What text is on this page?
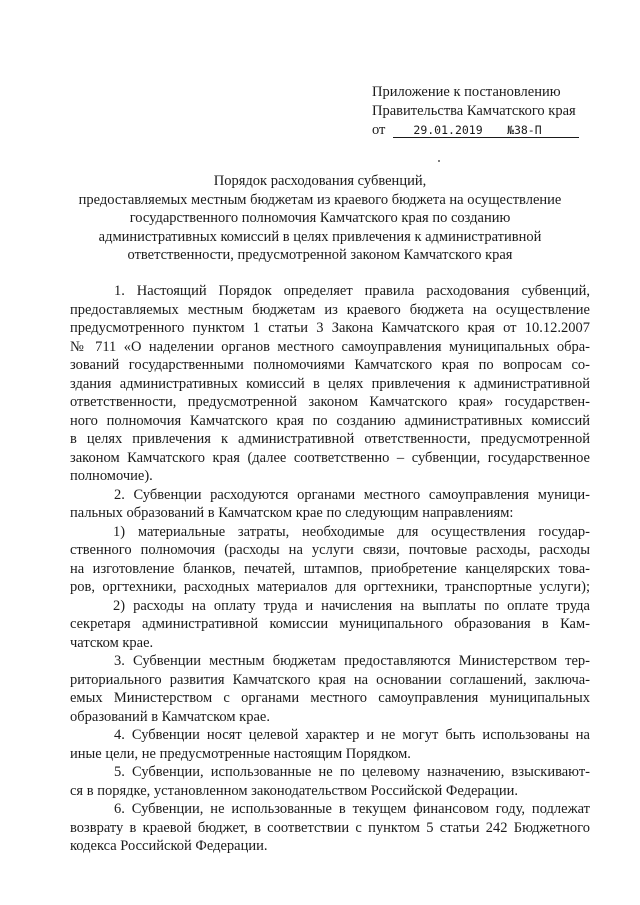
Приложение к постановлению
Правительства Камчатского края
от 29.01.2019 №38-П
Порядок расходования субвенций,
предоставляемых местным бюджетам из краевого бюджета на осуществление
государственного полномочия Камчатского края по созданию
административных комиссий в целях привлечения к административной
ответственности, предусмотренной законом Камчатского края
1. Настоящий Порядок определяет правила расходования субвенций,
предоставляемых местным бюджетам из краевого бюджета на осуществление
предусмотренного пунктом 1 статьи 3 Закона Камчатского края от 10.12.2007
№ 711 «О наделении органов местного самоуправления муниципальных обра-
зований государственными полномочиями Камчатского края по вопросам со-
здания административных комиссий в целях привлечения к административной
ответственности, предусмотренной законом Камчатского края» государствен-
ного полномочия Камчатского края по созданию административных комиссий
в целях привлечения к административной ответственности, предусмотренной
законом Камчатского края (далее соответственно – субвенции, государственное
полномочие).
2. Субвенции расходуются органами местного самоуправления муници-
пальных образований в Камчатском крае по следующим направлениям:
1) материальные затраты, необходимые для осуществления государ-
ственного полномочия (расходы на услуги связи, почтовые расходы, расходы
на изготовление бланков, печатей, штампов, приобретение канцелярских това-
ров, оргтехники, расходных материалов для оргтехники, транспортные услуги);
2) расходы на оплату труда и начисления на выплаты по оплате труда
секретаря административной комиссии муниципального образования в Кам-
чатском крае.
3. Субвенции местным бюджетам предоставляются Министерством тер-
риториального развития Камчатского края на основании соглашений, заключа-
емых Министерством с органами местного самоуправления муниципальных
образований в Камчатском крае.
4. Субвенции носят целевой характер и не могут быть использованы на
иные цели, не предусмотренные настоящим Порядком.
5. Субвенции, использованные не по целевому назначению, взыскивают-
ся в порядке, установленном законодательством Российской Федерации.
6. Субвенции, не использованные в текущем финансовом году, подлежат
возврату в краевой бюджет, в соответствии с пунктом 5 статьи 242 Бюджетного
кодекса Российской Федерации.
